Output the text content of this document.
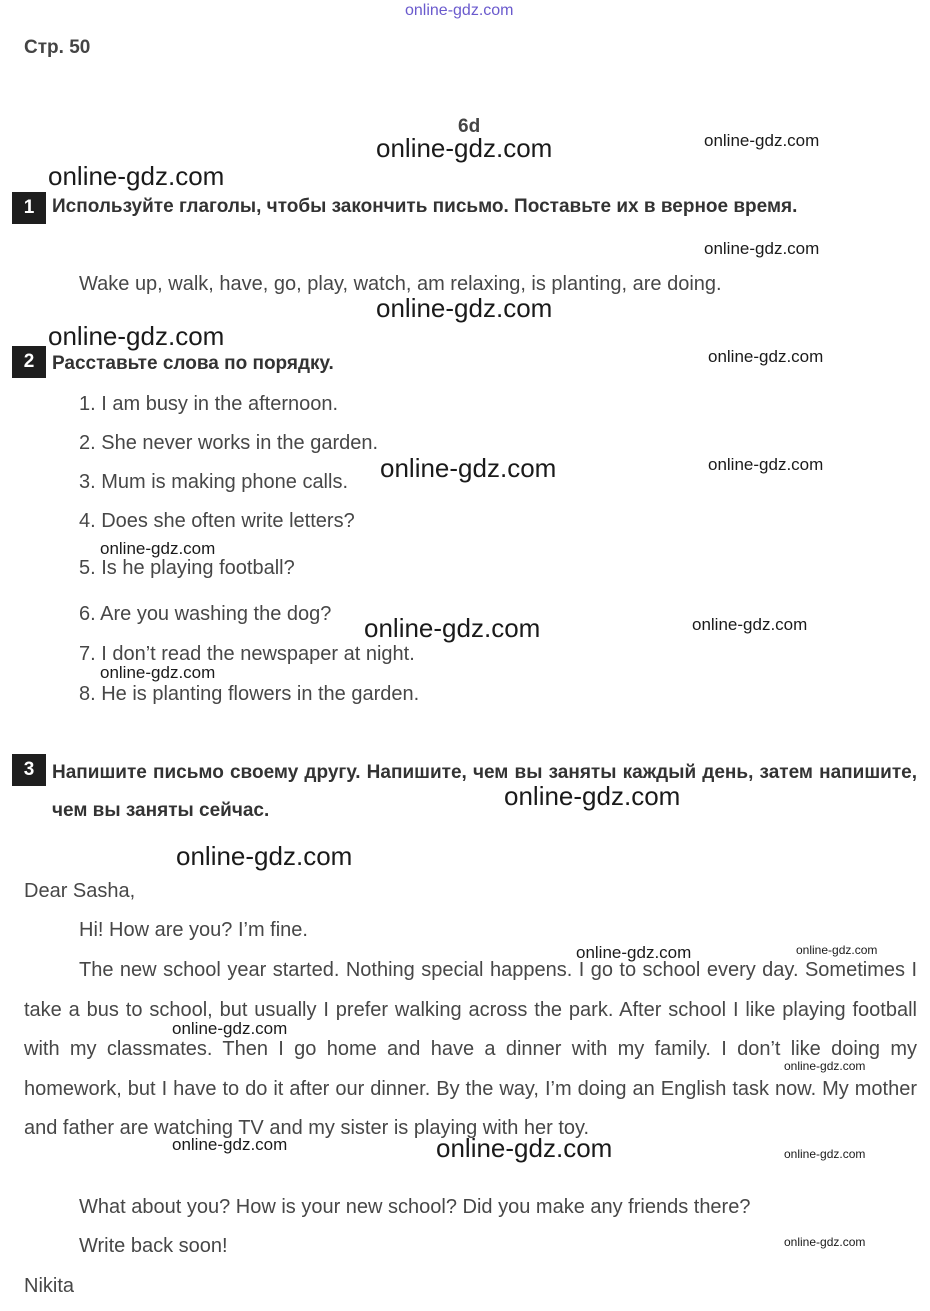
online-gdz.com
Стр. 50
6d
1 Используйте глаголы, чтобы закончить письмо. Поставьте их в верное время.
Wake up, walk, have, go, play, watch, am relaxing, is planting, are doing.
2 Расставьте слова по порядку.
1. I am busy in the afternoon.
2. She never works in the garden.
3. Mum is making phone calls.
4. Does she often write letters?
5. Is he playing football?
6. Are you washing the dog?
7. I don’t read the newspaper at night.
8. He is planting flowers in the garden.
3 Напишите письмо своему другу. Напишите, чем вы заняты каждый день, затем напишите, чем вы заняты сейчас.
Dear Sasha,
Hi! How are you? I’m fine.
The new school year started. Nothing special happens. I go to school every day. Sometimes I take a bus to school, but usually I prefer walking across the park. After school I like playing football with my classmates. Then I go home and have a dinner with my family. I don’t like doing my homework, but I have to do it after our dinner. By the way, I’m doing an English task now. My mother and father are watching TV and my sister is playing with her toy.
What about you? How is your new school? Did you make any friends there?
Write back soon!
Nikita
online-gdz.com	online-gdz.com
online-gdz.com
online-gdz.com
online-gdz.com
online-gdz.com
online-gdz.com
online-gdz.com	online-gdz.com
online-gdz.com
online-gdz.com	online-gdz.com
online-gdz.com
online-gdz.com
online-gdz.com
online-gdz.com	online-gdz.com
online-gdz.com
online-gdz.com
online-gdz.com	online-gdz.com	online-gdz.com
online-gdz.com
